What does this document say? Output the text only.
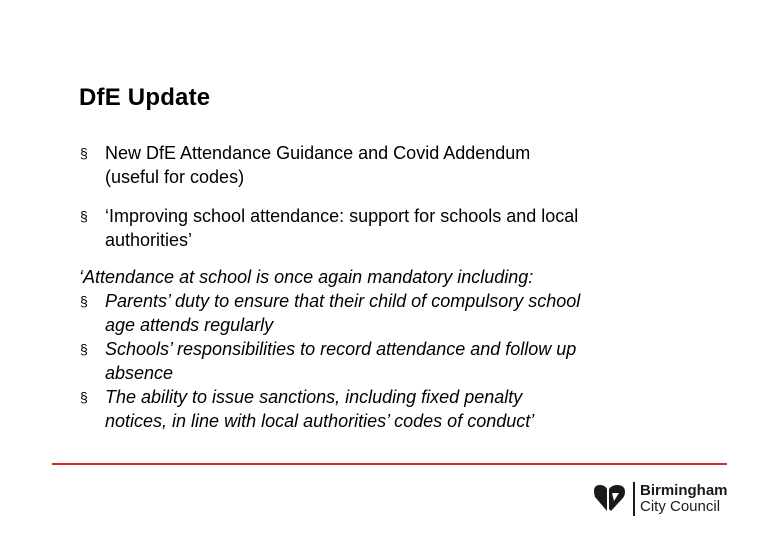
DfE Update
§ New DfE Attendance Guidance and Covid Addendum
(useful for codes)
§ ‘Improving school attendance: support for schools and local
authorities’
‘Attendance at school is once again mandatory including:
§ Parents’ duty to ensure that their child of compulsory school
age attends regularly
§ Schools’ responsibilities to record attendance and follow up
absence
§ The ability to issue sanctions, including fixed penalty
notices, in line with local authorities’ codes of conduct’
Birmingham
City Council
